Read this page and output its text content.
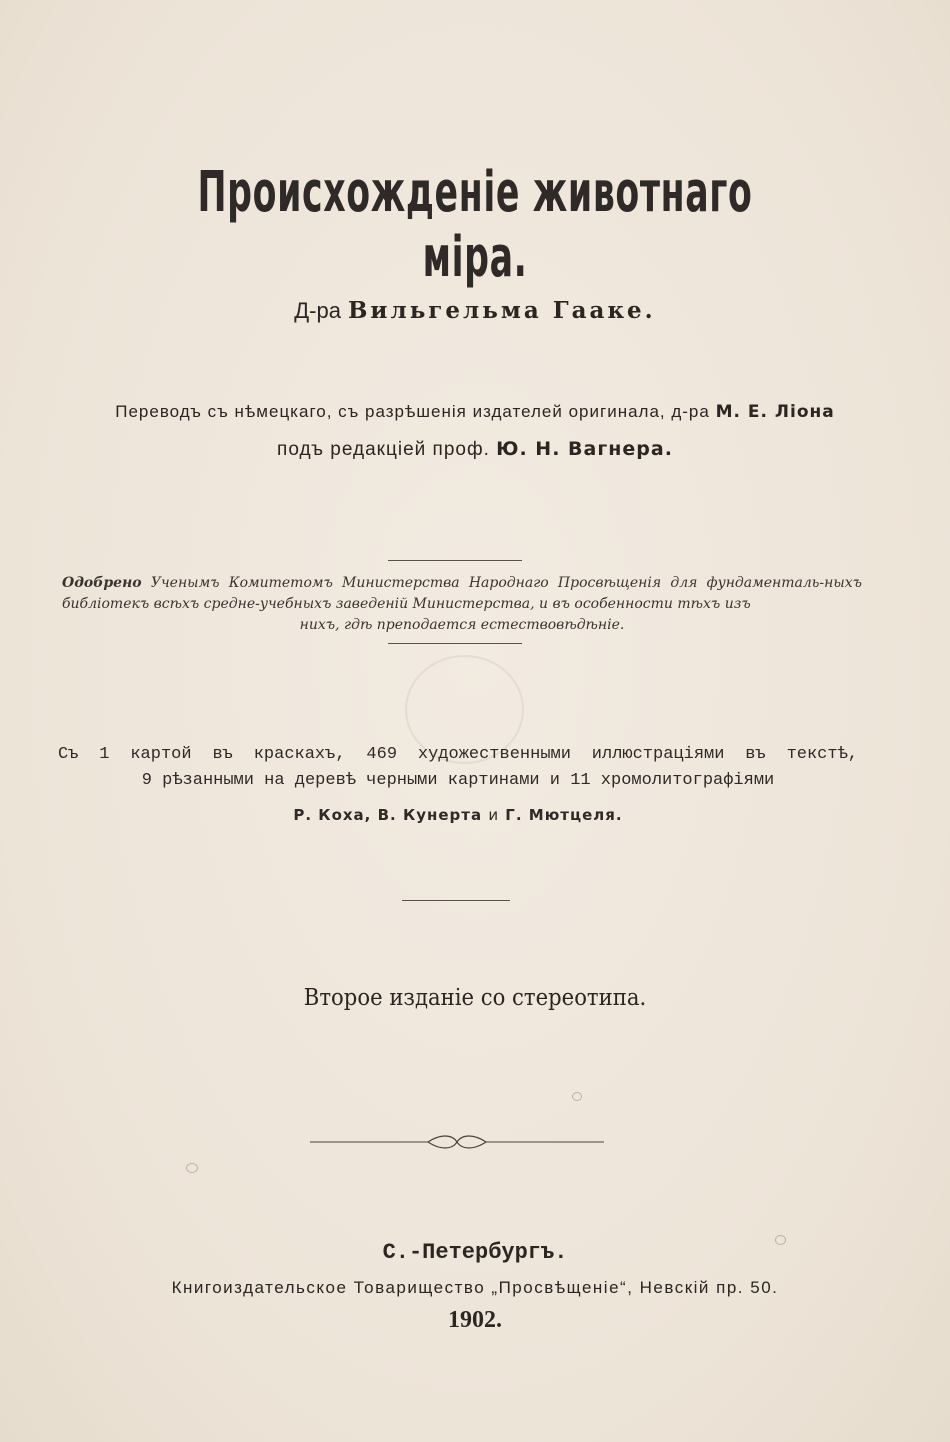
Происхожденіе животнаго міра.
Д-ра Вильгельма Гааке.
Переводъ съ нѣмецкаго, съ разрѣшенія издателей оригинала, д-ра М. Е. Ліона
подъ редакціей проф. Ю. Н. Вагнера.
Одобрено Ученымъ Комитетомъ Министерства Народнаго Просвѣщенія для фундаменталь-ныхъ библіотекъ всѣхъ средне-учебныхъ заведеній Министерства, и въ особенности тѣхъ изъ
нихъ, гдѣ преподается естествовѣдѣніе.
Съ 1 картой въ краскахъ, 469 художественными иллюстраціями въ текстѣ,
9 рѣзанными на деревѣ черными картинами и 11 хромолитографіями
Р. Коха, В. Кунерта и Г. Мютцеля.
Второе изданіе со стереотипа.
С.-Петербургъ.
Книгоиздательское Товарищество „Просвѣщеніе“, Невскій пр. 50.
1902.
